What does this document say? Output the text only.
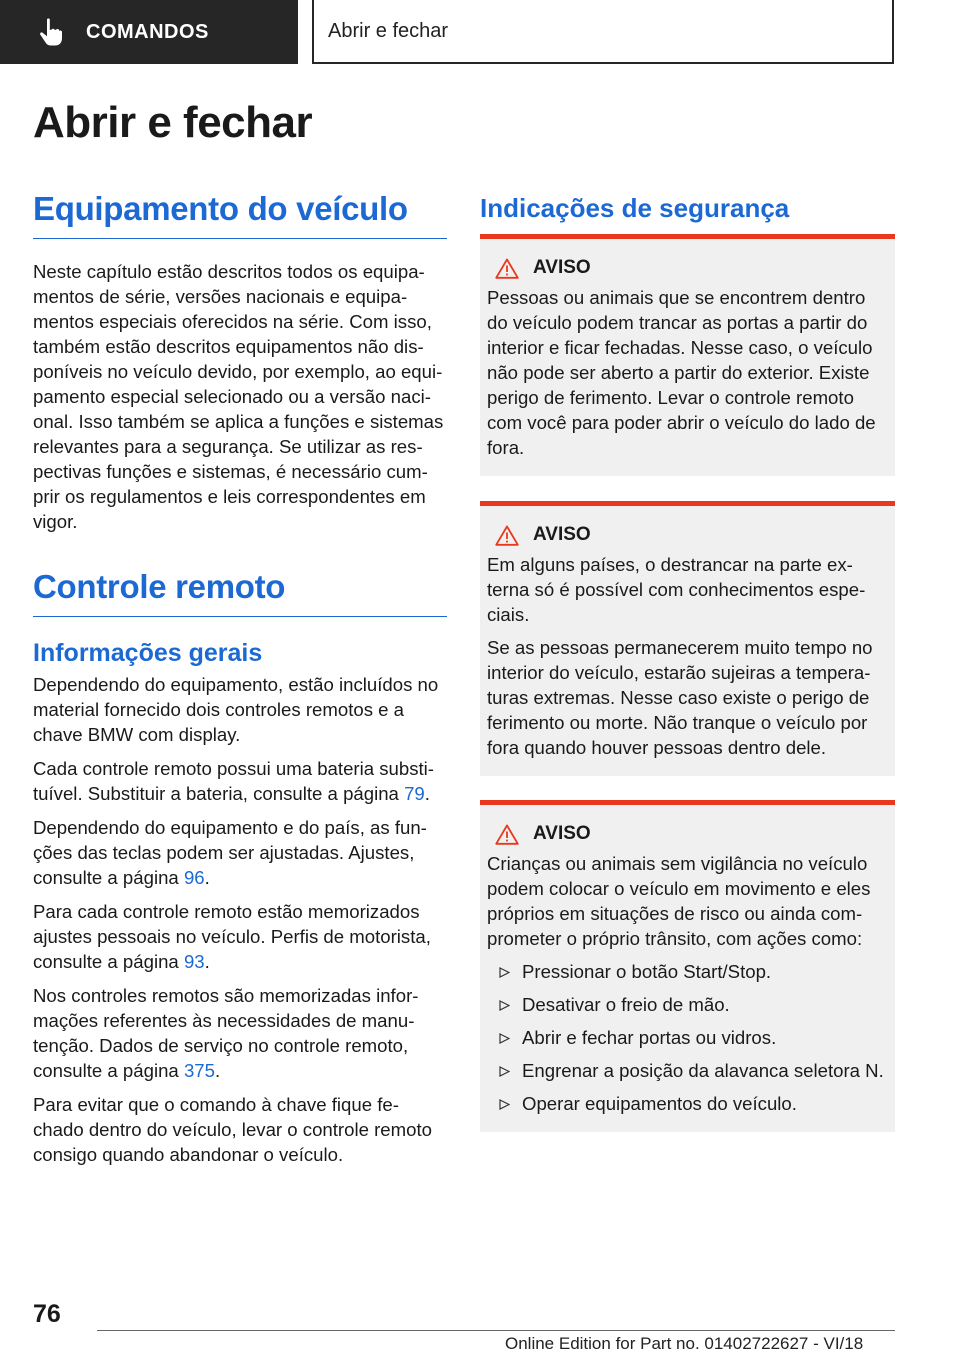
COMANDOS	Abrir e fechar
Abrir e fechar
Equipamento do veículo

Neste capítulo estão descritos todos os equipa-mentos de série, versões nacionais e equipa-mentos especiais oferecidos na série. Com isso, também estão descritos equipamentos não dis-poníveis no veículo devido, por exemplo, ao equi-pamento especial selecionado ou a versão naci-onal. Isso também se aplica a funções e sistemas relevantes para a segurança. Se utilizar as res-pectivas funções e sistemas, é necessário cum-prir os regulamentos e leis correspondentes em vigor.

Controle remoto
Informações gerais

Dependendo do equipamento, estão incluídos no material fornecido dois controles remotos e a chave BMW com display.

Cada controle remoto possui uma bateria substi-tuível. Substituir a bateria, consulte a página 79.

Dependendo do equipamento e do país, as fun-ções das teclas podem ser ajustadas. Ajustes, consulte a página 96.

Para cada controle remoto estão memorizados ajustes pessoais no veículo. Perfis de motorista, consulte a página 93.

Nos controles remotos são memorizadas infor-mações referentes às necessidades de manu-tenção. Dados de serviço no controle remoto, consulte a página 375.

Para evitar que o comando à chave fique fe-chado dentro do veículo, levar o controle remoto consigo quando abandonar o veículo.

Indicações de segurança
AVISO

Pessoas ou animais que se encontrem dentro do veículo podem trancar as portas a partir do interior e ficar fechadas. Nesse caso, o veículo não pode ser aberto a partir do exterior. Existe perigo de ferimento. Levar o controle remoto com você para poder abrir o veículo do lado de fora.

AVISO

Em alguns países, o destrancar na parte ex-terna só é possível com conhecimentos espe-ciais.

Se as pessoas permanecerem muito tempo no interior do veículo, estarão sujeiras a tempera-turas extremas. Nesse caso existe o perigo de ferimento ou morte. Não tranque o veículo por fora quando houver pessoas dentro dele.

AVISO

Crianças ou animais sem vigilância no veículo podem colocar o veículo em movimento e eles próprios em situações de risco ou ainda com-prometer o próprio trânsito, com ações como:

Pressionar o botão Start/Stop.
Desativar o freio de mão.
Abrir e fechar portas ou vidros.
Engrenar a posição da alavanca seletora N.
Operar equipamentos do veículo.
76
Online Edition for Part no. 01402722627 - VI/18
